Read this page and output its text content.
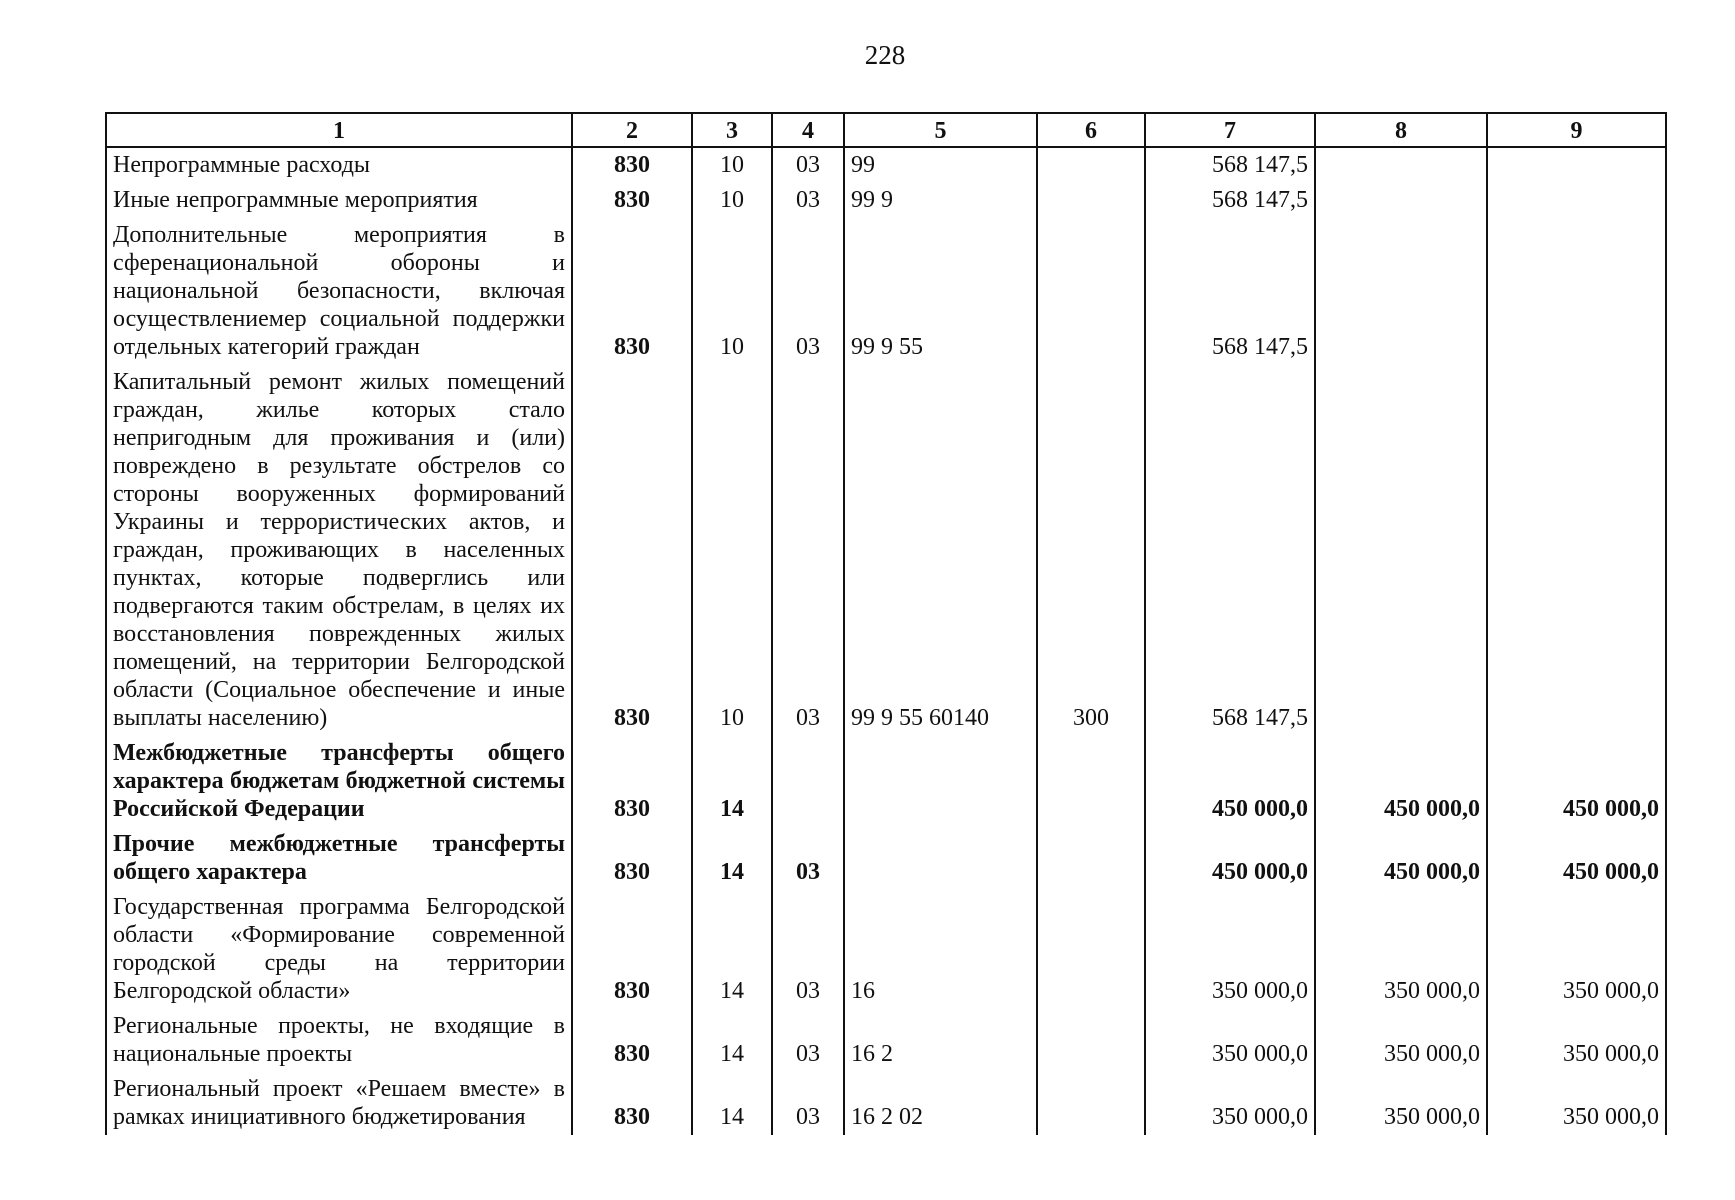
228
1	2	3	4	5	6	7	8	9
Непрограммные расходы	830	10	03	99		568 147,5		
Иные непрограммные мероприятия	830	10	03	99 9		568 147,5		
Дополнительные мероприятия в сференациональной обороны и национальной безопасности, включая осуществлениемер социальной поддержки отдельных категорий граждан	830	10	03	99 9 55		568 147,5		
Капитальный ремонт жилых помещений граждан, жилье которых стало непригодным для проживания и (или) повреждено в результате обстрелов со стороны вооруженных формирований Украины и террористических актов, и граждан, проживающих в населенных пунктах, которые подверглись или подвергаются таким обстрелам, в целях их восстановления поврежденных жилых помещений, на территории Белгородской области (Социальное обеспечение и иные выплаты населению)	830	10	03	99 9 55 60140	300	568 147,5		
Межбюджетные трансферты общего характера бюджетам бюджетной системы Российской Федерации	830	14				450 000,0	450 000,0	450 000,0
Прочие межбюджетные трансферты общего характера	830	14	03			450 000,0	450 000,0	450 000,0
Государственная программа Белгородской области «Формирование современной городской среды на территории Белгородской области»	830	14	03	16		350 000,0	350 000,0	350 000,0
Региональные проекты, не входящие в национальные проекты	830	14	03	16 2		350 000,0	350 000,0	350 000,0
Региональный проект «Решаем вместе» в рамках инициативного бюджетирования	830	14	03	16 2 02		350 000,0	350 000,0	350 000,0
